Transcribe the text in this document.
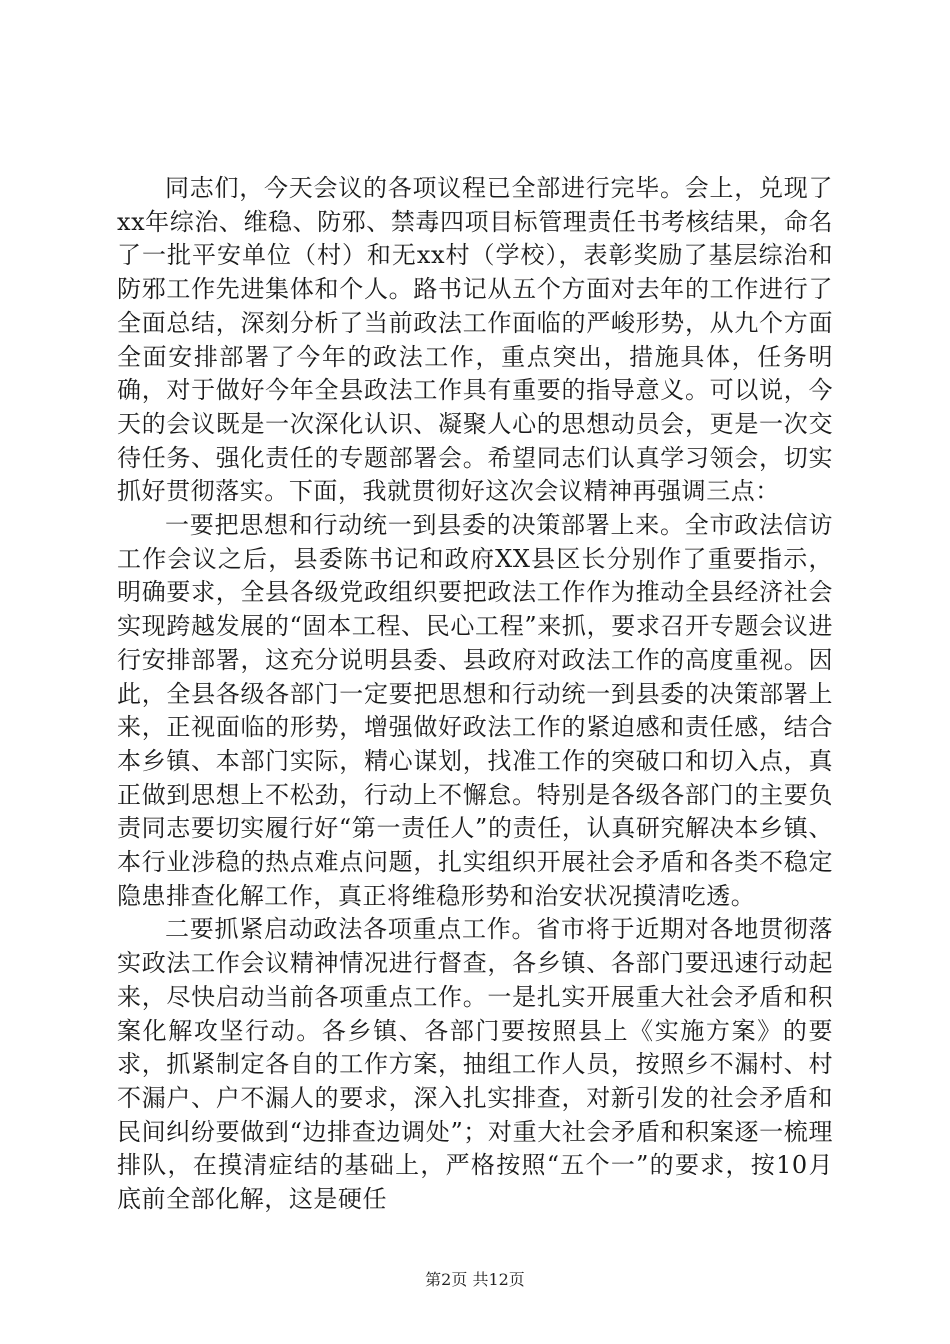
同志们，今天会议的各项议程已全部进行完毕。会上，兑现了xx年综治、维稳、防邪、禁毒四项目标管理责任书考核结果，命名了一批平安单位（村）和无xx村（学校），表彰奖励了基层综治和防邪工作先进集体和个人。路书记从五个方面对去年的工作进行了全面总结，深刻分析了当前政法工作面临的严峻形势，从九个方面全面安排部署了今年的政法工作，重点突出，措施具体，任务明确，对于做好今年全县政法工作具有重要的指导意义。可以说，今天的会议既是一次深化认识、凝聚人心的思想动员会，更是一次交待任务、强化责任的专题部署会。希望同志们认真学习领会，切实抓好贯彻落实。下面，我就贯彻好这次会议精神再强调三点：

一要把思想和行动统一到县委的决策部署上来。全市政法信访工作会议之后，县委陈书记和政府XX县区长分别作了重要指示，明确要求，全县各级党政组织要把政法工作作为推动全县经济社会实现跨越发展的“固本工程、民心工程”来抓，要求召开专题会议进行安排部署，这充分说明县委、县政府对政法工作的高度重视。因此，全县各级各部门一定要把思想和行动统一到县委的决策部署上来，正视面临的形势，增强做好政法工作的紧迫感和责任感，结合本乡镇、本部门实际，精心谋划，找准工作的突破口和切入点，真正做到思想上不松劲，行动上不懈怠。特别是各级各部门的主要负责同志要切实履行好“第一责任人”的责任，认真研究解决本乡镇、本行业涉稳的热点难点问题，扎实组织开展社会矛盾和各类不稳定隐患排查化解工作，真正将维稳形势和治安状况摸清吃透。

二要抓紧启动政法各项重点工作。省市将于近期对各地贯彻落实政法工作会议精神情况进行督查，各乡镇、各部门要迅速行动起来，尽快启动当前各项重点工作。一是扎实开展重大社会矛盾和积案化解攻坚行动。各乡镇、各部门要按照县上《实施方案》的要求，抓紧制定各自的工作方案，抽组工作人员，按照乡不漏村、村不漏户、户不漏人的要求，深入扎实排查，对新引发的社会矛盾和民间纠纷要做到“边排查边调处”；对重大社会矛盾和积案逐一梳理排队，在摸清症结的基础上，严格按照“五个一”的要求，按10月底前全部化解，这是硬任

第2页 共12页
